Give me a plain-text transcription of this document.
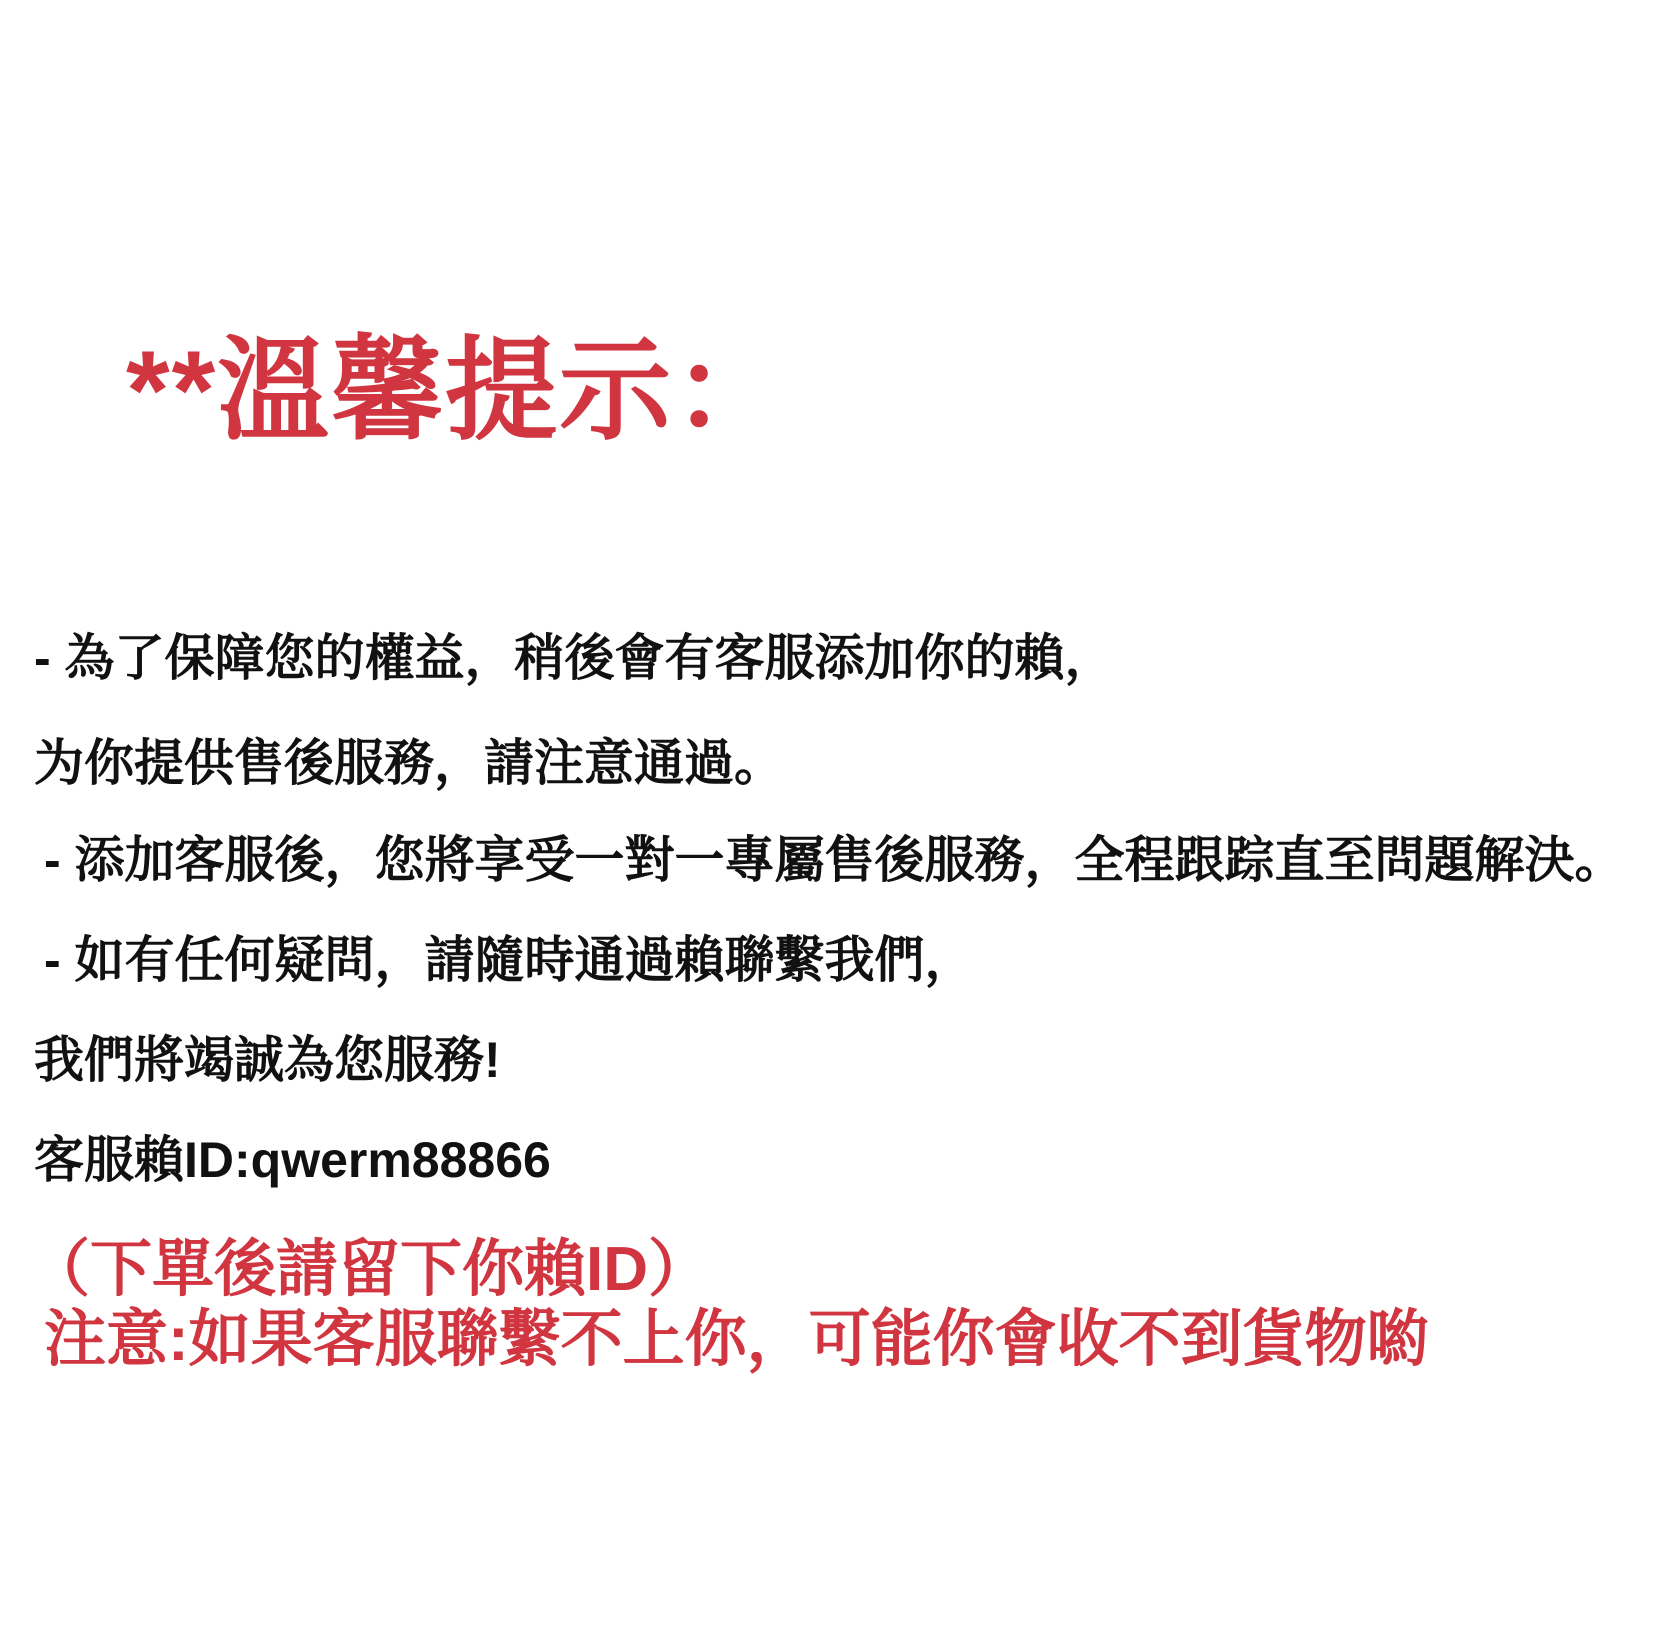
**溫馨提示：

- 為了保障您的權益，稍後會有客服添加你的賴，

为你提供售後服務，請注意通過。

- 添加客服後，您將享受一對一專屬售後服務，全程跟踪直至問題解決。

- 如有任何疑問，請隨時通過賴聯繫我們，

我們將竭誠為您服務!

客服賴ID:qwerm88866

（下單後請留下你賴ID）

注意:如果客服聯繫不上你，可能你會收不到貨物喲
